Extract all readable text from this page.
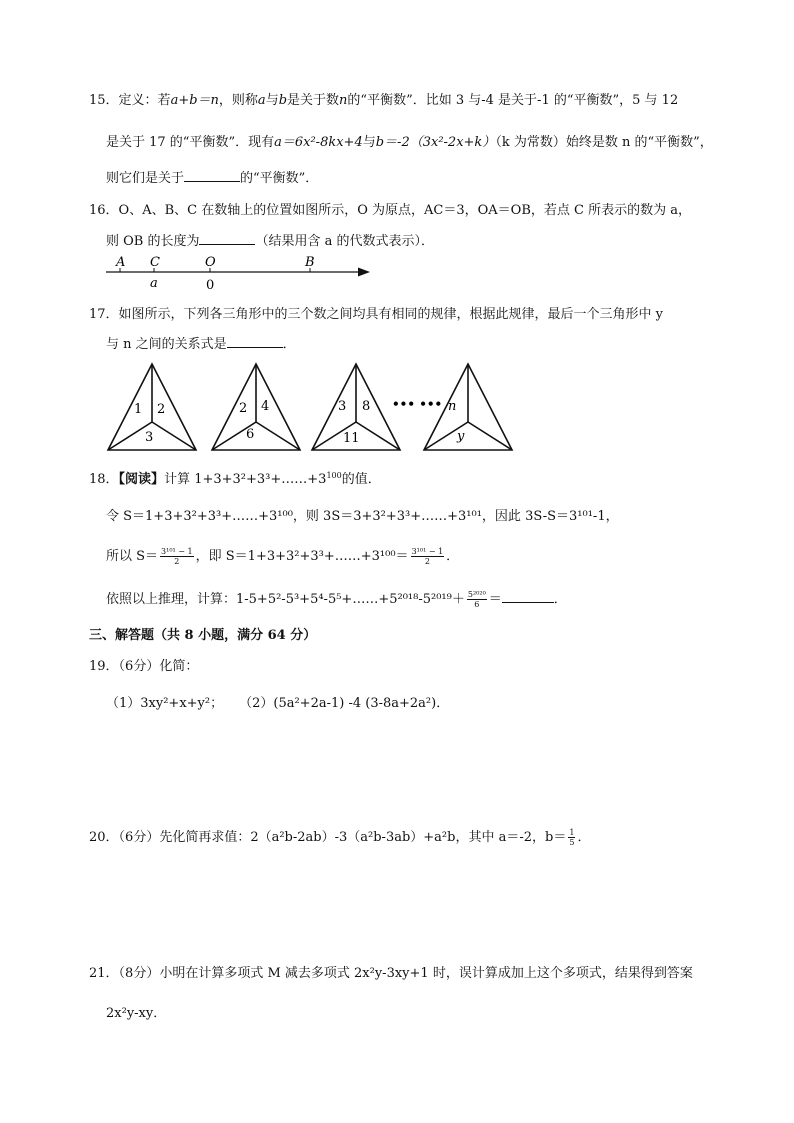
15．定义：若a+b＝n，则称a与b是关于数n的“平衡数”．比如 3 与-4 是关于-1 的“平衡数”，5 与 12
是关于 17 的“平衡数”．现有a＝6x²-8kx+4与b＝-2（3x²-2x+k）（k 为常数）始终是数 n 的“平衡数”，
则它们是关于	的“平衡数”．
16．O、A、B、C 在数轴上的位置如图所示，O 为原点，AC＝3，OA＝OB，若点 C 所表示的数为 a，
则 OB 的长度为	（结果用含 a 的代数式表示）．
A C	O	B
a	0
17．如图所示，下列各三角形中的三个数之间均具有相同的规律，根据此规律，最后一个三角形中 y
与 n 之间的关系式是	．
1 2
3
2 4
6
3 8
11
••• ••• n
y
18．【阅读】计算 $1+3+3^2+3^3+\dots\dots+3^{100}$的值．
令 S＝1+3+3²+3³+……+3¹⁰⁰，则 3S＝3+3²+3³+……+3¹⁰¹，因此 3S-S＝3¹⁰¹-1，
所以 $S= \frac{\text{3¹⁰¹ − 1}}{2}$ ，即 S＝1+3+3²+3³+……+3¹⁰⁰＝ $\frac{\text{3¹⁰¹ − 1}}{2}$ ．
依照以上推理，计算：1-5+5²-5³+5⁴-5⁵+……+5²⁰¹⁸-5²⁰¹⁹＋ $\frac{\text{5²⁰²⁰}}{6}$ ＝	．
三、解答题（共 8 小题，满分 64 分）
19．（6分）化简：
（1）3xy²+x+y²； （2）(5a²+2a-1) -4 (3-8a+2a²)．
20．（6分）先化简再求值：2（a²b-2ab）-3（a²b-3ab）+a²b，其中 a＝-2，$b= \frac{1}{5}$ ．
21．（8分）小明在计算多项式 M 减去多项式 2x²y-3xy+1 时，误计算成加上这个多项式，结果得到答案
2x²y-xy．
